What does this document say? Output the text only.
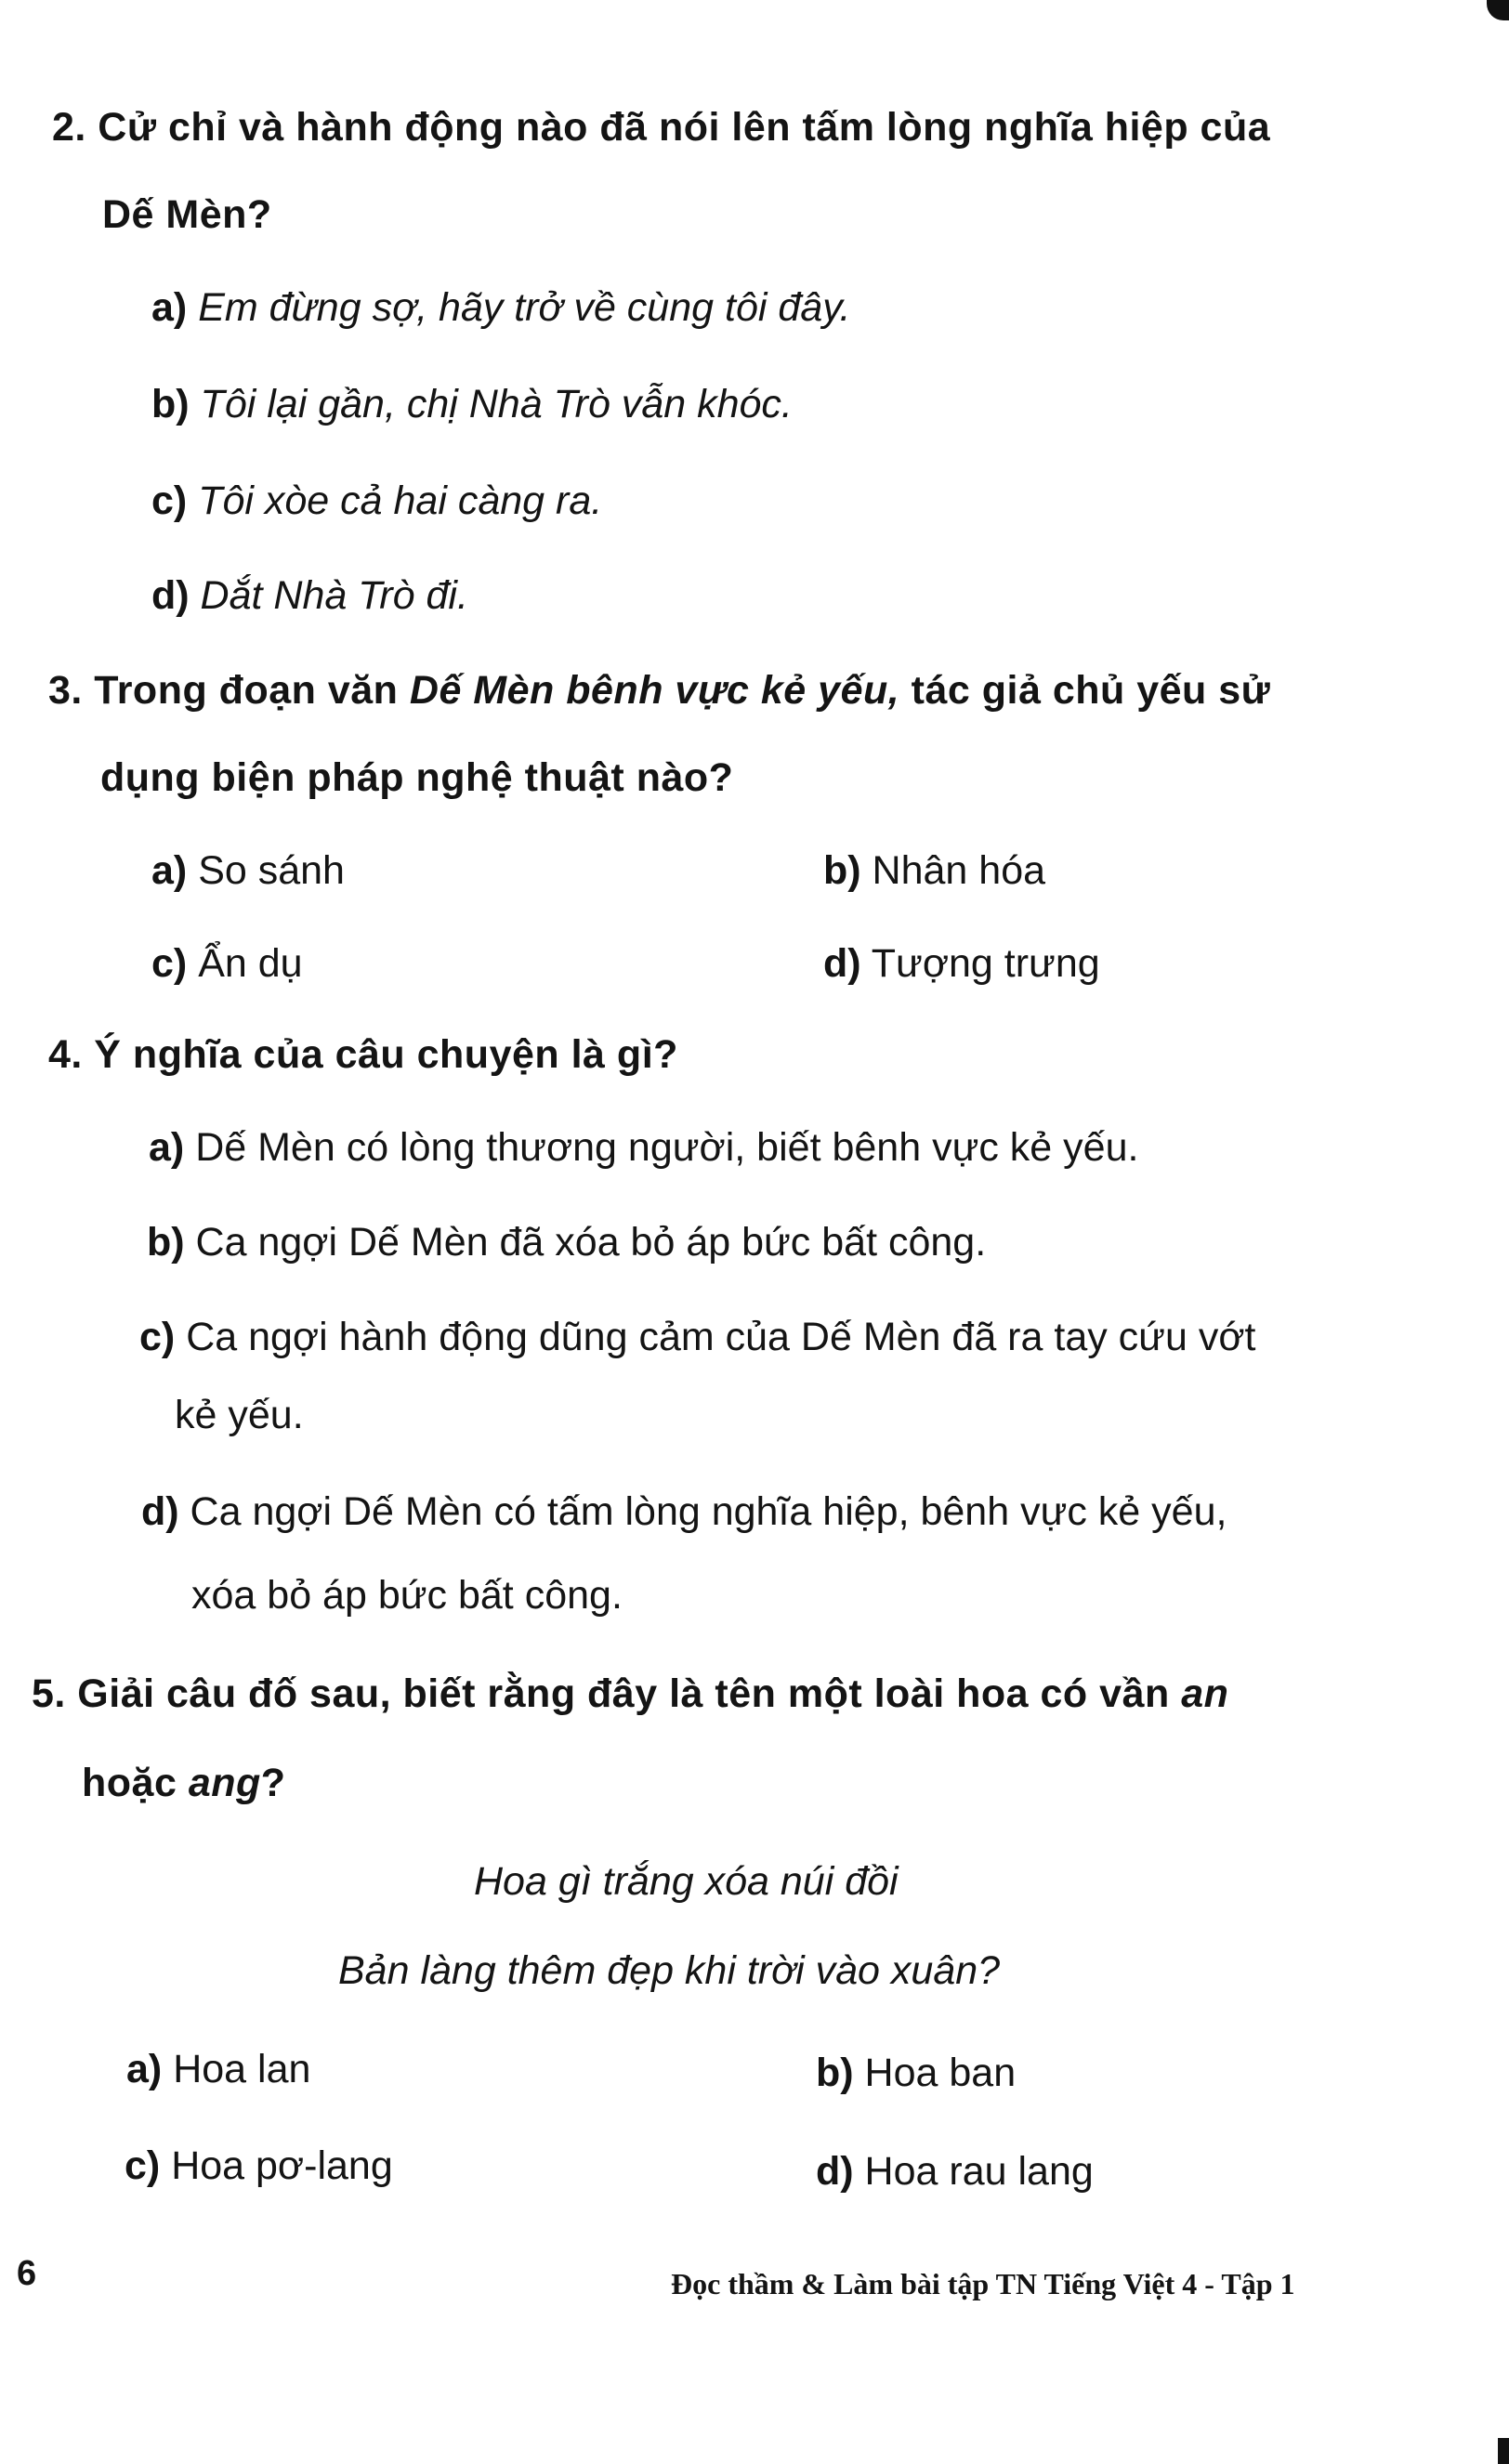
2. Cử chỉ và hành động nào đã nói lên tấm lòng nghĩa hiệp của
Dế Mèn?
a) Em đừng sợ, hãy trở về cùng tôi đây.
b) Tôi lại gần, chị Nhà Trò vẫn khóc.
c) Tôi xòe cả hai càng ra.
d) Dắt Nhà Trò đi.
3. Trong đoạn văn Dế Mèn bênh vực kẻ yếu, tác giả chủ yếu sử
dụng biện pháp nghệ thuật nào?
a) So sánh	b) Nhân hóa
c) Ẩn dụ	d) Tượng trưng
4. Ý nghĩa của câu chuyện là gì?
a) Dế Mèn có lòng thương người, biết bênh vực kẻ yếu.
b) Ca ngợi Dế Mèn đã xóa bỏ áp bức bất công.
c) Ca ngợi hành động dũng cảm của Dế Mèn đã ra tay cứu vớt
kẻ yếu.
d) Ca ngợi Dế Mèn có tấm lòng nghĩa hiệp, bênh vực kẻ yếu,
xóa bỏ áp bức bất công.
5. Giải câu đố sau, biết rằng đây là tên một loài hoa có vần an
hoặc ang?
Hoa gì trắng xóa núi đồi
Bản làng thêm đẹp khi trời vào xuân?
a) Hoa lan	b) Hoa ban
c) Hoa pơ-lang	d) Hoa rau lang
6	Đọc thầm & Làm bài tập TN Tiếng Việt 4 - Tập 1
